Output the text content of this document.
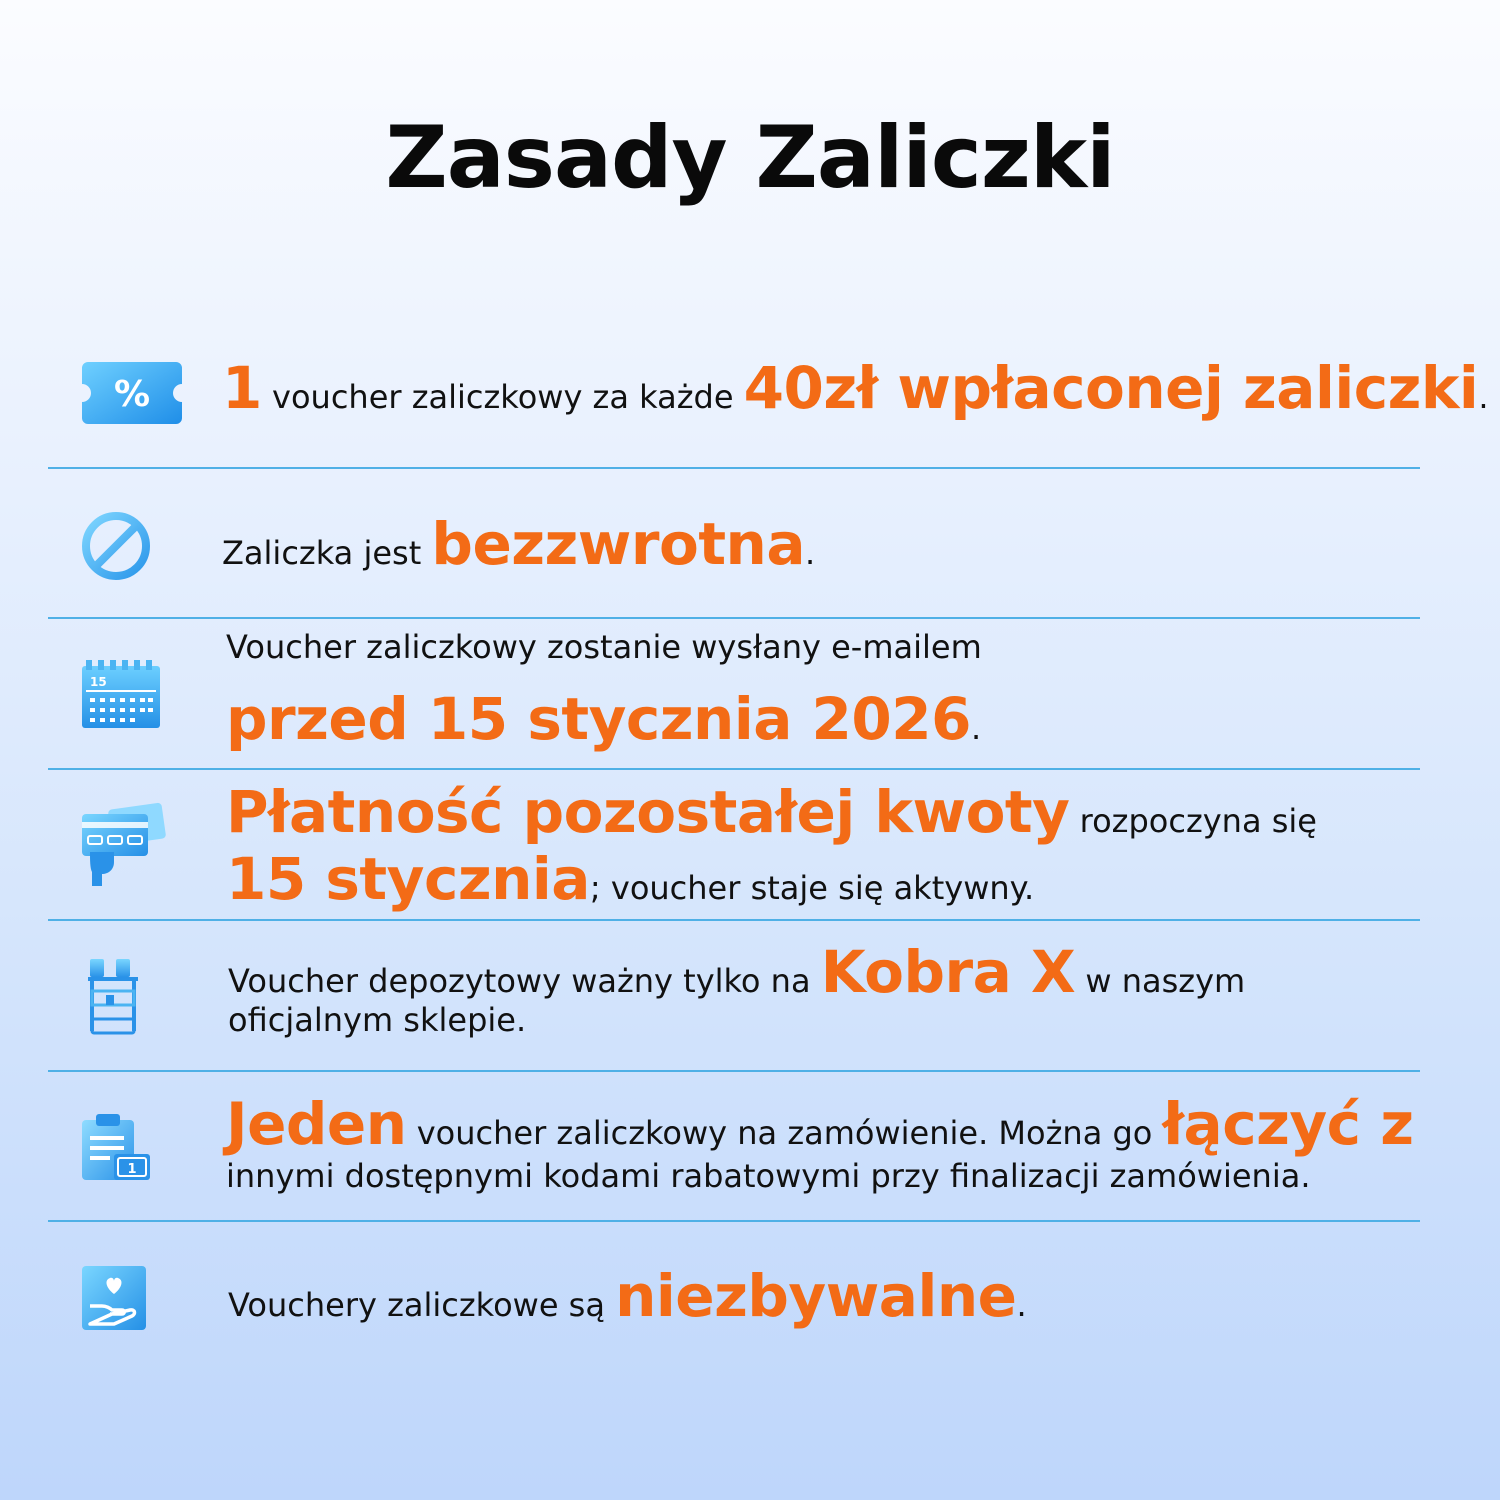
Zasady Zaliczki
% 1 voucher zaliczkowy za każde 40zł wpłaconej zaliczki.
Zaliczka jest bezzwrotna.
15
Voucher zaliczkowy zostanie wysłany e-mailem
przed 15 stycznia 2026.
Płatność pozostałej kwoty rozpoczyna się
15 stycznia; voucher staje się aktywny.
Voucher depozytowy ważny tylko na Kobra X w naszym
oficjalnym sklepie.
1
Jeden voucher zaliczkowy na zamówienie. Można go łączyć z
innymi dostępnymi kodami rabatowymi przy finalizacji zamówienia.
Vouchery zaliczkowe są niezbywalne.
